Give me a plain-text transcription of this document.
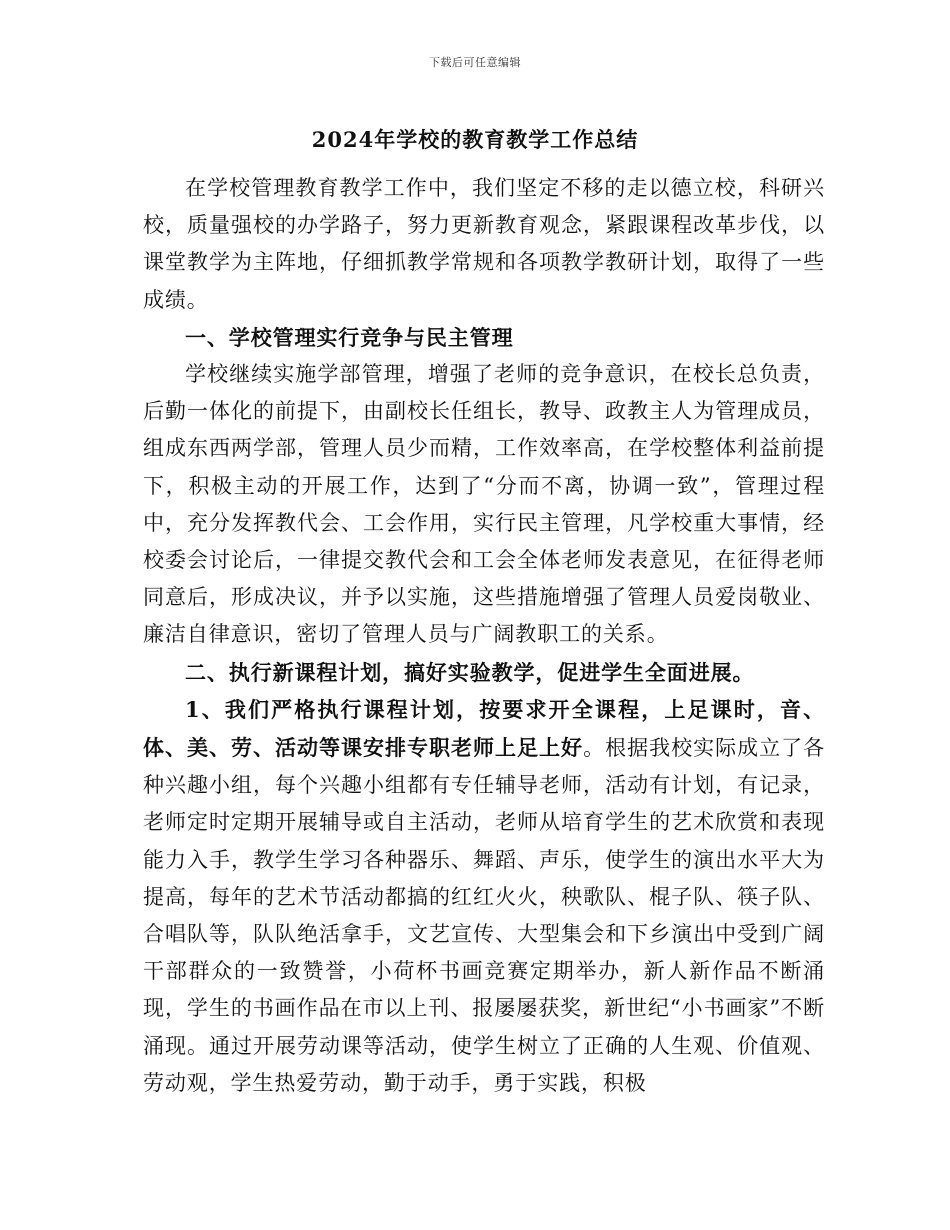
下载后可任意编辑
2024年学校的教育教学工作总结

在学校管理教育教学工作中，我们坚定不移的走以德立校，科研兴校，质量强校的办学路子，努力更新教育观念，紧跟课程改革步伐，以课堂教学为主阵地，仔细抓教学常规和各项教学教研计划，取得了一些成绩。

一、学校管理实行竞争与民主管理

学校继续实施学部管理，增强了老师的竞争意识，在校长总负责，后勤一体化的前提下，由副校长任组长，教导、政教主人为管理成员，组成东西两学部，管理人员少而精，工作效率高，在学校整体利益前提下，积极主动的开展工作，达到了“分而不离，协调一致”，管理过程中，充分发挥教代会、工会作用，实行民主管理，凡学校重大事情，经校委会讨论后，一律提交教代会和工会全体老师发表意见，在征得老师同意后，形成决议，并予以实施，这些措施增强了管理人员爱岗敬业、廉洁自律意识，密切了管理人员与广阔教职工的关系。

二、执行新课程计划，搞好实验教学，促进学生全面进展。

1、我们严格执行课程计划，按要求开全课程，上足课时，音、体、美、劳、活动等课安排专职老师上足上好。根据我校实际成立了各种兴趣小组，每个兴趣小组都有专任辅导老师，活动有计划，有记录，老师定时定期开展辅导或自主活动，老师从培育学生的艺术欣赏和表现能力入手，教学生学习各种器乐、舞蹈、声乐，使学生的演出水平大为提高，每年的艺术节活动都搞的红红火火，秧歌队、棍子队、筷子队、合唱队等，队队绝活拿手，文艺宣传、大型集会和下乡演出中受到广阔干部群众的一致赞誉，小荷杯书画竞赛定期举办，新人新作品不断涌现，学生的书画作品在市以上刊、报屡屡获奖，新世纪“小书画家”不断涌现。通过开展劳动课等活动，使学生树立了正确的人生观、价值观、劳动观，学生热爱劳动，勤于动手，勇于实践，积极
